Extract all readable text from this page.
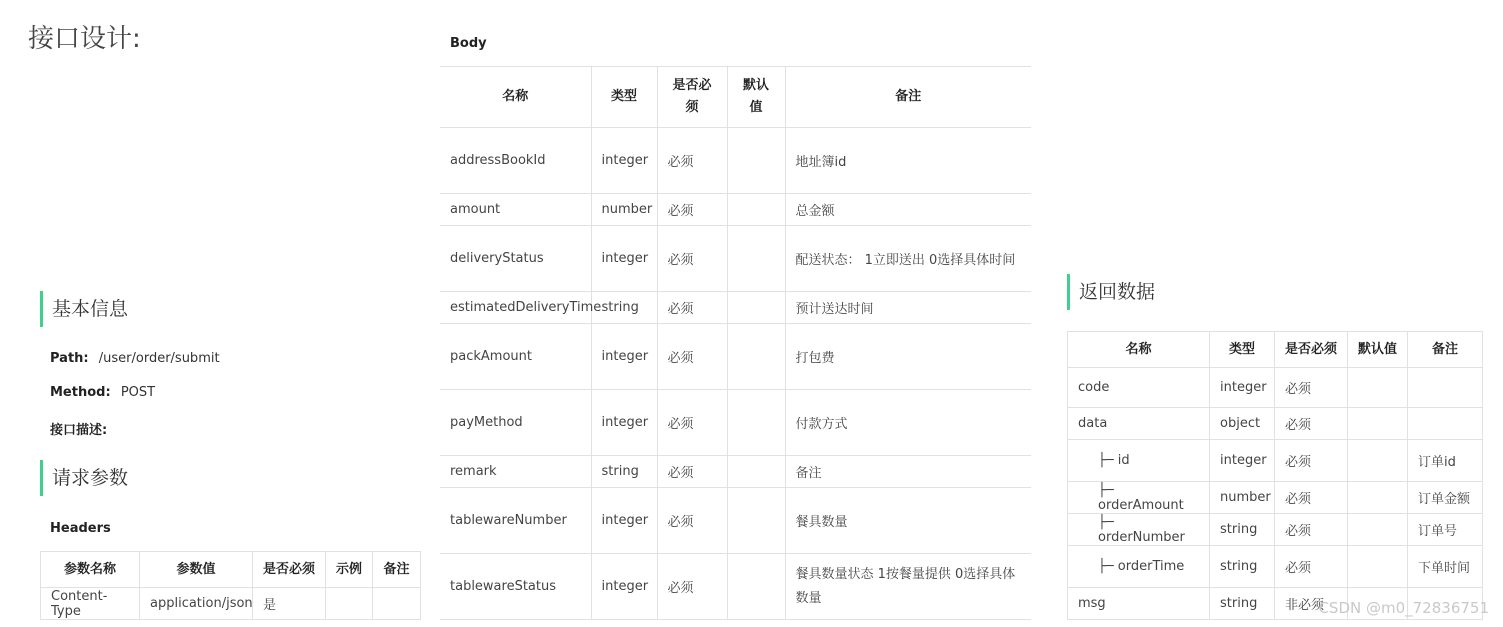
接口设计:
基本信息
Path: /user/order/submit
Method: POST
接口描述:
请求参数
Headers
参数名称	参数值	是否必须	示例	备注
Content-Type	application/json	是		
Body
名称	类型	是否必须	默认值	备注
addressBookId	integer	必须		地址簿id
amount	number	必须		总金额
deliveryStatus	integer	必须		配送状态： 1立即送出 0选择具体时间
estimatedDeliveryTime	string	必须		预计送达时间
packAmount	integer	必须		打包费
payMethod	integer	必须		付款方式
remark	string	必须		备注
tablewareNumber	integer	必须		餐具数量
tablewareStatus	integer	必须		餐具数量状态 1按餐量提供 0选择具体数量
返回数据
名称	类型	是否必须	默认值	备注
code	integer	必须		
data	object	必须		
├─ id	integer	必须		订单id
├─ orderAmount	number	必须		订单金额
├─ orderNumber	string	必须		订单号
├─ orderTime	string	必须		下单时间
msg	string	非必须		
CSDN @m0_72836751
